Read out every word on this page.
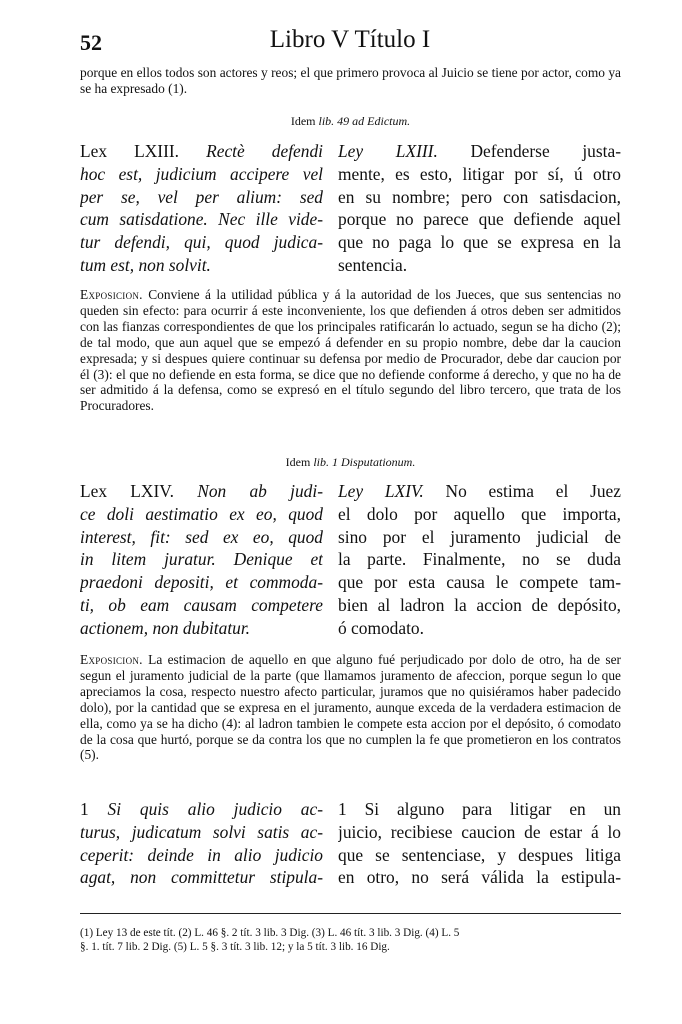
52	Libro V Título I
porque en ellos todos son actores y reos; el que primero provoca al Juicio se tiene por actor, como ya se ha expresado (1).
Idem lib. 49 ad Edictum.
Lex LXIII. Rectè defendi
hoc est, judicium accipere vel
per se, vel per alium: sed
cum satisdatione. Nec ille vide-
tur defendi, qui, quod judica-
tum est, non solvit.
Ley LXIII. Defenderse justa-
mente, es esto, litigar por sí, ú otro
en su nombre; pero con satisdacion,
porque no parece que defiende aquel
que no paga lo que se expresa en la
sentencia.
Exposicion. Conviene á la utilidad pública y á la autoridad de los Jueces, que sus sentencias no queden sin efecto: para ocurrir á este inconveniente, los que defienden á otros deben ser admitidos con las fianzas correspondientes de que los principales ratificarán lo actuado, segun se ha dicho (2); de tal modo, que aun aquel que se empezó á defender en su propio nombre, debe dar la caucion expresada; y si despues quiere continuar su defensa por medio de Procurador, debe dar caucion por él (3): el que no defiende en esta forma, se dice que no defiende conforme á derecho, y que no ha de ser admitido á la defensa, como se expresó en el título segundo del libro tercero, que trata de los Procuradores.
Idem lib. 1 Disputationum.
Lex LXIV. Non ab judi-
ce doli aestimatio ex eo, quod
interest, fit: sed ex eo, quod
in litem juratur. Denique et
praedoni depositi, et commoda-
ti, ob eam causam competere
actionem, non dubitatur.
Ley LXIV. No estima el Juez
el dolo por aquello que importa,
sino por el juramento judicial de
la parte. Finalmente, no se duda
que por esta causa le compete tam-
bien al ladron la accion de depósito,
ó comodato.
Exposicion. La estimacion de aquello en que alguno fué perjudicado por dolo de otro, ha de ser segun el juramento judicial de la parte (que llamamos juramento de afeccion, porque segun lo que apreciamos la cosa, respecto nuestro afecto particular, juramos que no quisiéramos haber padecido dolo), por la cantidad que se expresa en el juramento, aunque exceda de la verdadera estimacion de ella, como ya se ha dicho (4): al ladron tambien le compete esta accion por el depósito, ó comodato de la cosa que hurtó, porque se da contra los que no cumplen la fe que prometieron en los contratos (5).
1 Si quis alio judicio ac-
turus, judicatum solvi satis ac-
ceperit: deinde in alio judicio
agat, non committetur stipula-
1 Si alguno para litigar en un
juicio, recibiese caucion de estar á lo
que se sentenciase, y despues litiga
en otro, no será válida la estipula-
(1) Ley 13 de este tít. (2) L. 46 §. 2 tít. 3 lib. 3 Dig. (3) L. 46 tít. 3 lib. 3 Dig. (4) L. 5
§. 1. tít. 7 lib. 2 Dig. (5) L. 5 §. 3 tít. 3 lib. 12; y la 5 tít. 3 lib. 16 Dig.
